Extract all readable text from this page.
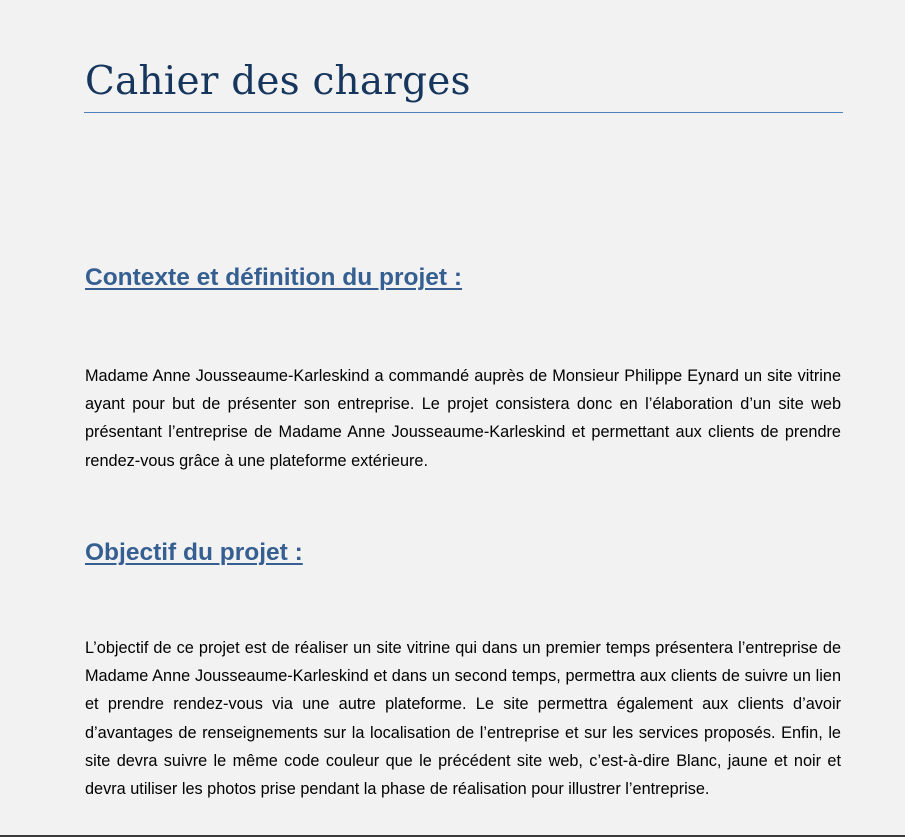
Cahier des charges
Contexte et définition du projet :

Madame Anne Jousseaume-Karleskind a commandé auprès de Monsieur Philippe Eynard un site vitrine ayant pour but de présenter son entreprise. Le projet consistera donc en l’élaboration d’un site web présentant l’entreprise de Madame Anne Jousseaume-Karleskind et permettant aux clients de prendre rendez-vous grâce à une plateforme extérieure.

Objectif du projet :

L’objectif de ce projet est de réaliser un site vitrine qui dans un premier temps présentera l’entreprise de Madame Anne Jousseaume-Karleskind et dans un second temps, permettra aux clients de suivre un lien et prendre rendez-vous via une autre plateforme. Le site permettra également aux clients d’avoir d’avantages de renseignements sur la localisation de l’entreprise et sur les services proposés. Enfin, le site devra suivre le même code couleur que le précédent site web, c’est-à-dire Blanc, jaune et noir et devra utiliser les photos prise pendant la phase de réalisation pour illustrer l’entreprise.
